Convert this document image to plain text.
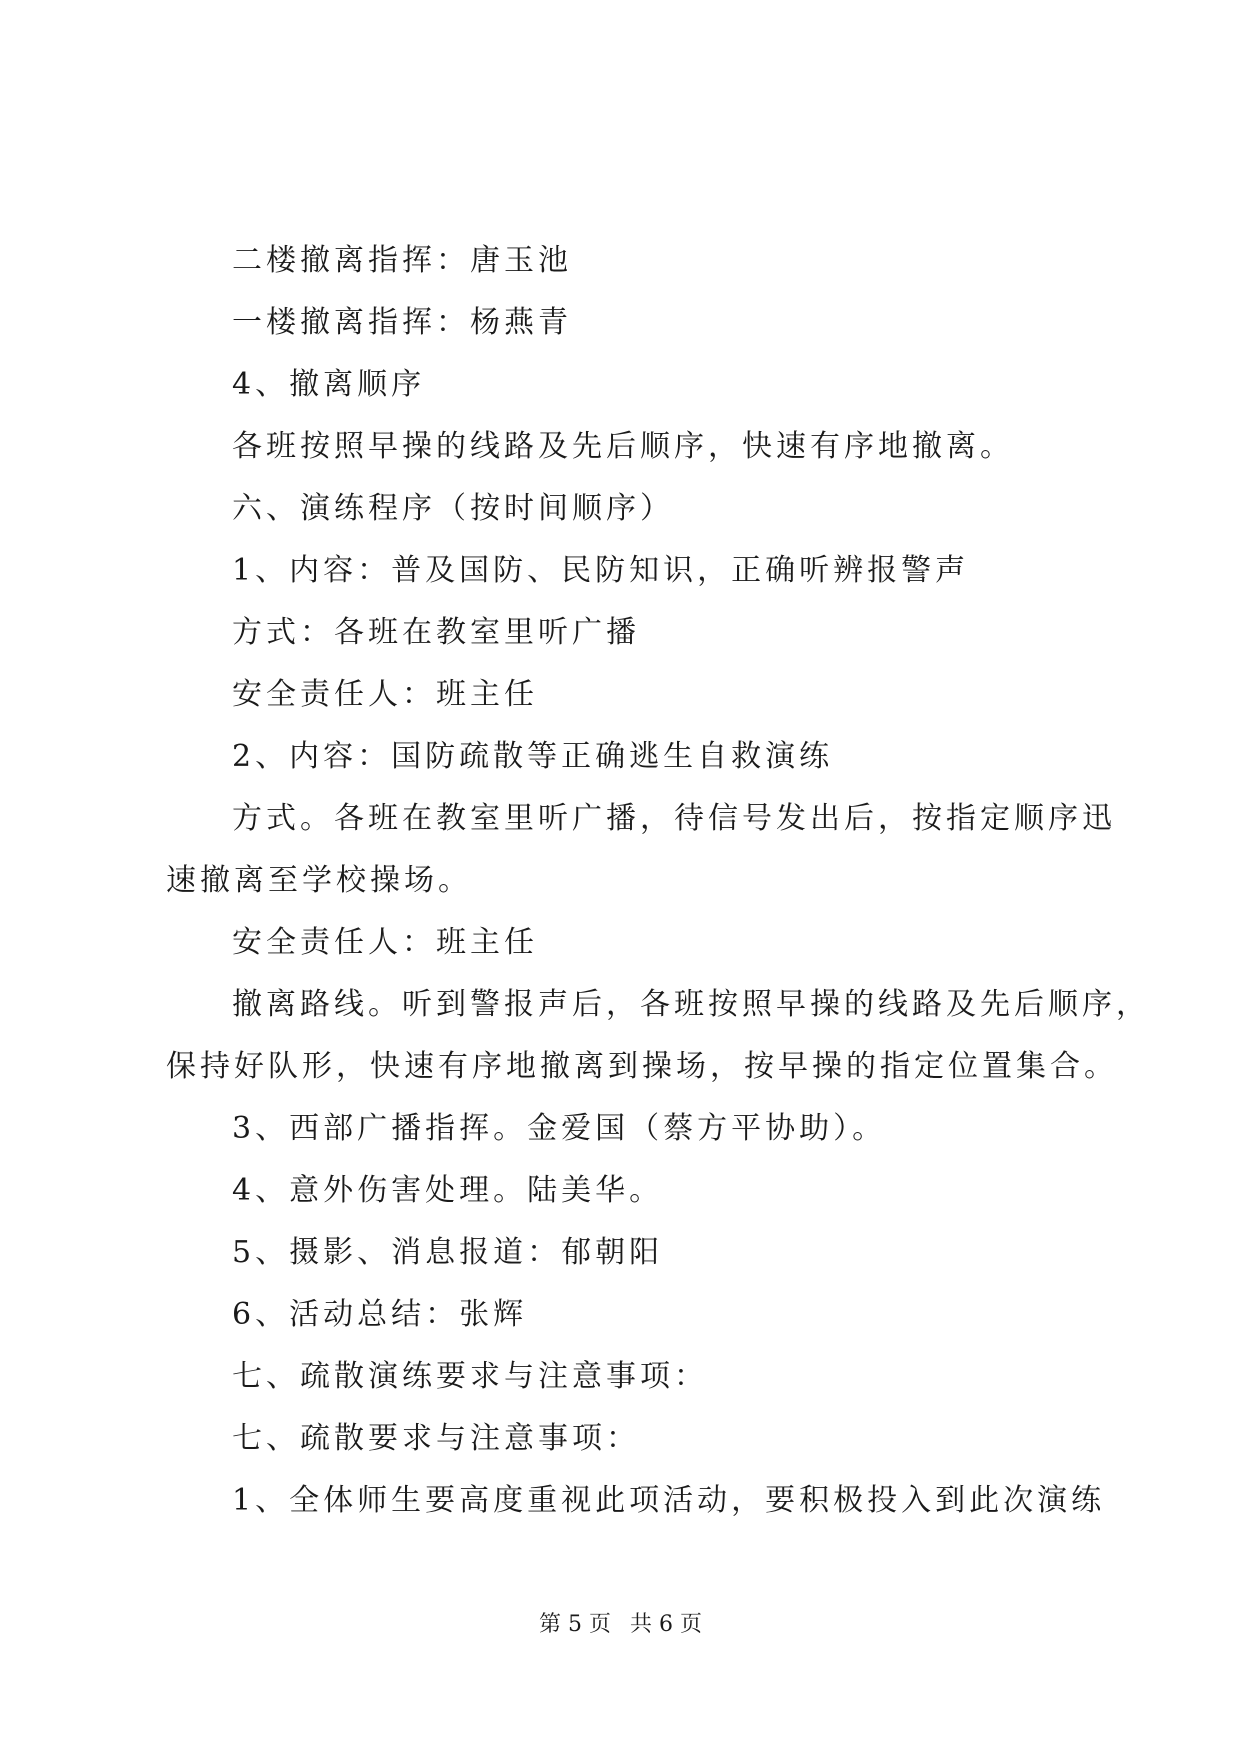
二楼撤离指挥：唐玉池
一楼撤离指挥：杨燕青
4、撤离顺序
各班按照早操的线路及先后顺序，快速有序地撤离。
六、演练程序（按时间顺序）
1、内容：普及国防、民防知识，正确听辨报警声
方式：各班在教室里听广播
安全责任人：班主任
2、内容：国防疏散等正确逃生自救演练
方式。各班在教室里听广播，待信号发出后，按指定顺序迅
速撤离至学校操场。
安全责任人：班主任
撤离路线。听到警报声后，各班按照早操的线路及先后顺序，
保持好队形，快速有序地撤离到操场，按早操的指定位置集合。
3、西部广播指挥。金爱国（蔡方平协助）。
4、意外伤害处理。陆美华。
5、摄影、消息报道：郁朝阳
6、活动总结：张辉
七、疏散演练要求与注意事项：
七、疏散要求与注意事项：
1、全体师生要高度重视此项活动，要积极投入到此次演练
第 5 页 共 6 页
